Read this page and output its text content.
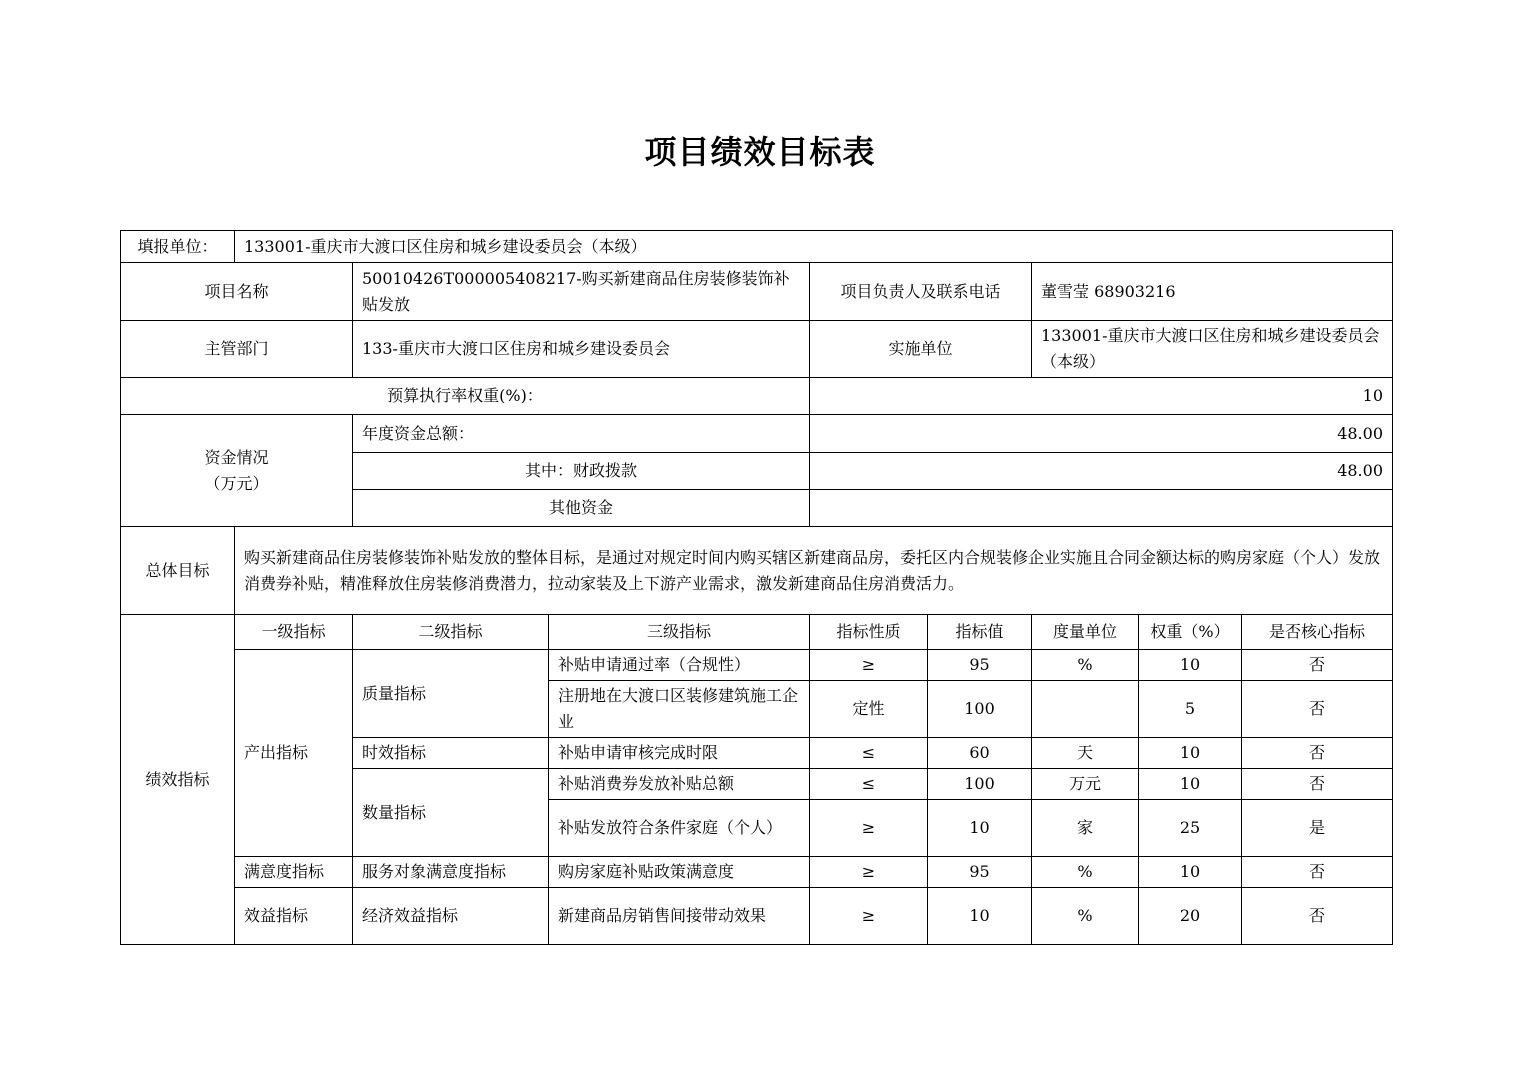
项目绩效目标表
填报单位：	133001-重庆市大渡口区住房和城乡建设委员会（本级）							
项目名称		50010426T000005408217-购买新建商品住房装修装饰补贴发放		项目负责人及联系电话		董雪莹 68903216		
主管部门		133-重庆市大渡口区住房和城乡建设委员会		实施单位		133001-重庆市大渡口区住房和城乡建设委员会（本级）		
预算执行率权重(%)：				10				
资金情况
（万元）		年度资金总额：		48.00				
		其中：财政拨款		48.00				
		其他资金						
总体目标	购买新建商品住房装修装饰补贴发放的整体目标，是通过对规定时间内购买辖区新建商品房，委托区内合规装修企业实施且合同金额达标的购房家庭（个人）发放消费券补贴，精准释放住房装修消费潜力，拉动家装及上下游产业需求，激发新建商品住房消费活力。							
绩效指标	一级指标	二级指标	三级指标	指标性质	指标值	度量单位	权重（%）	是否核心指标
	产出指标	质量指标	补贴申请通过率（合规性）	≥	95	%	10	否
			注册地在大渡口区装修建筑施工企业	定性	100		5	否
		时效指标	补贴申请审核完成时限	≤	60	天	10	否
		数量指标	补贴消费券发放补贴总额	≤	100	万元	10	否
			补贴发放符合条件家庭（个人）	≥	10	家	25	是
	满意度指标	服务对象满意度指标	购房家庭补贴政策满意度	≥	95	%	10	否
	效益指标	经济效益指标	新建商品房销售间接带动效果	≥	10	%	20	否
